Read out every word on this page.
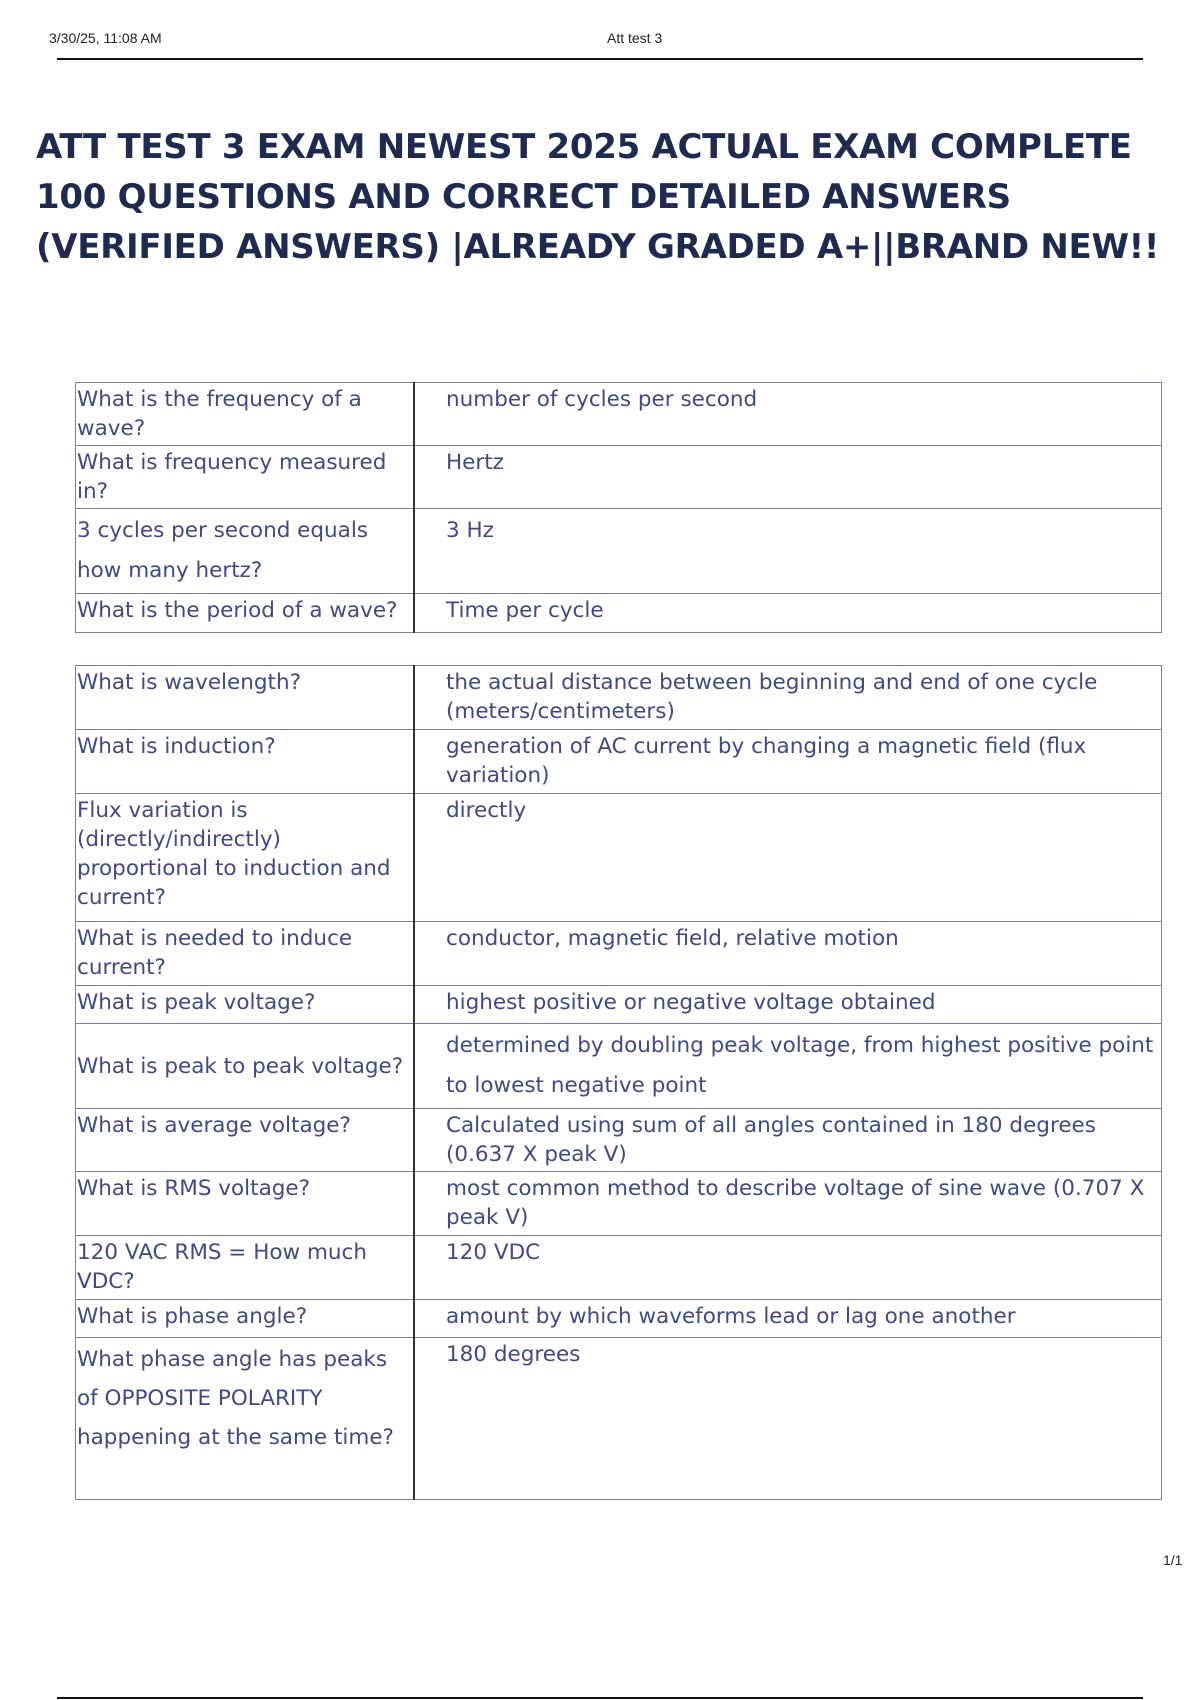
3/30/25, 11:08 AM	Att test 3
ATT TEST 3 EXAM NEWEST 2025 ACTUAL EXAM COMPLETE 100 QUESTIONS AND CORRECT DETAILED ANSWERS (VERIFIED ANSWERS) |ALREADY GRADED A+||BRAND NEW!!
What is the frequency of a wave?	number of cycles per second
What is frequency measured in?	Hertz
3 cycles per second equals how many hertz?	3 Hz
What is the period of a wave?	Time per cycle
What is wavelength?	the actual distance between beginning and end of one cycle (meters/centimeters)
What is induction?	generation of AC current by changing a magnetic field (flux variation)
Flux variation is (directly/indirectly) proportional to induction and current?	directly
What is needed to induce current?	conductor, magnetic field, relative motion
What is peak voltage?	highest positive or negative voltage obtained
What is peak to peak voltage?	determined by doubling peak voltage, from highest positive point to lowest negative point
What is average voltage?	Calculated using sum of all angles contained in 180 degrees (0.637 X peak V)
What is RMS voltage?	most common method to describe voltage of sine wave (0.707 X peak V)
120 VAC RMS = How much VDC?	120 VDC
What is phase angle?	amount by which waveforms lead or lag one another
What phase angle has peaks of OPPOSITE POLARITY happening at the same time?	180 degrees
1/1
